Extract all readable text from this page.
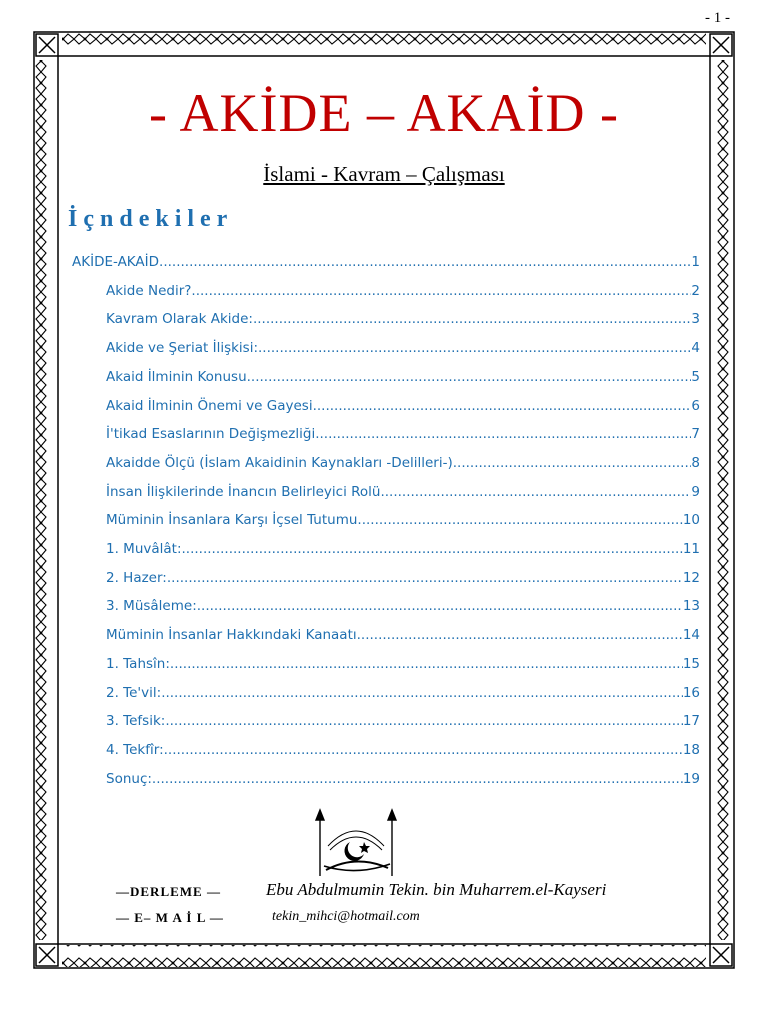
- 1 -
- AKİDE – AKAİD -

İslami - Kavram – Çalışması

İçndekiler
AKİDE-AKAİD .....	1
Akide Nedir? .....	2
Kavram Olarak Akide: .....	3
Akide ve Şeriat İlişkisi: .....	4
Akaid İlminin Konusu .....	5
Akaid İlminin Önemi ve Gayesi .....	6
İ'tikad Esaslarının Değişmezliği .....	7
Akaidde Ölçü (İslam Akaidinin Kaynakları -Delilleri-) .....	8
İnsan İlişkilerinde İnancın Belirleyici Rolü .....	9
Müminin İnsanlara Karşı İçsel Tutumu .....	10
1. Muvâlât: .....	11
2. Hazer: .....	12
3. Müsâleme: .....	13
Müminin İnsanlar Hakkındaki Kanaatı .....	14
1. Tahsîn: .....	15
2. Te'vil: .....	16
3. Tefsik: .....	17
4. Tekfîr: .....	18
Sonuç: .....	19
—DERLEME —	Ebu Abdulmumin Tekin. bin Muharrem.el-Kayseri
— E– M A İ L —	tekin_mihci@hotmail.com
